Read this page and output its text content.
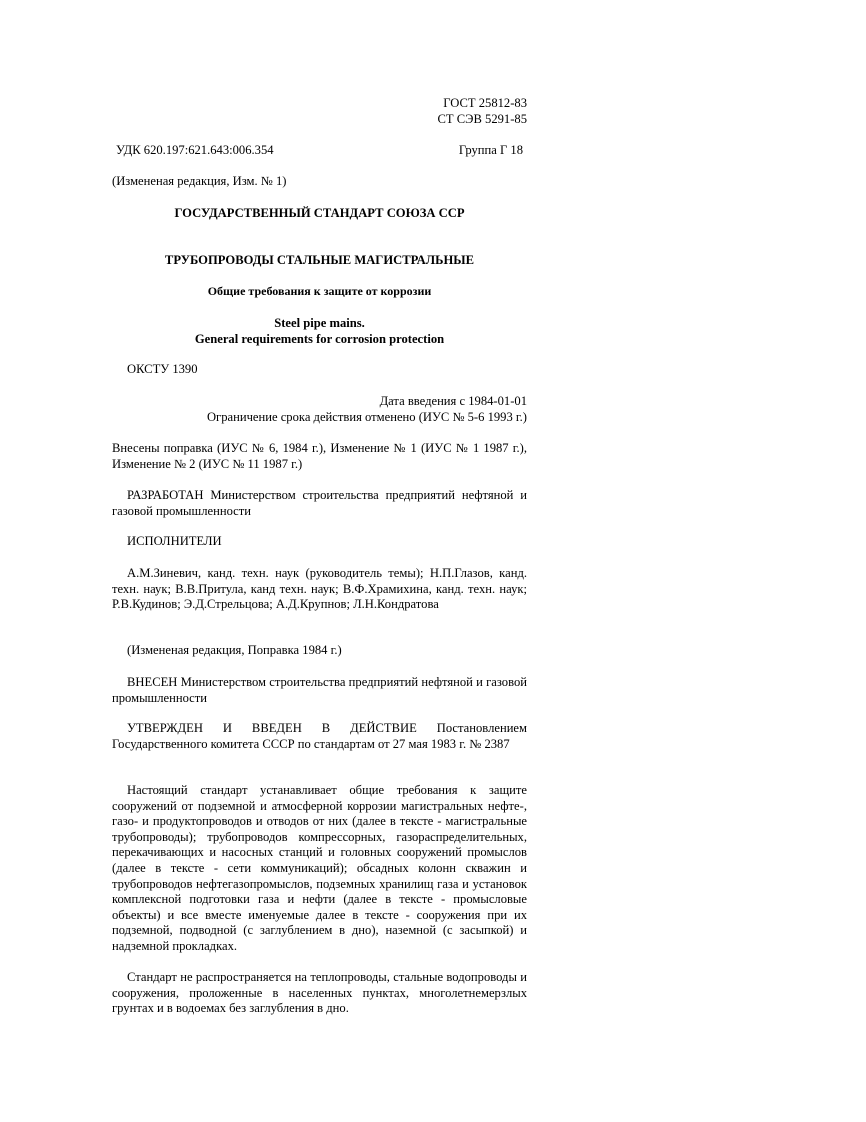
ГОСТ 25812-83

СТ СЭВ 5291-85

УДК 620.197:621.643:006.354	Группа Г 18

(Измененая редакция, Изм. № 1)

ГОСУДАРСТВЕННЫЙ СТАНДАРТ СОЮЗА ССР

ТРУБОПРОВОДЫ СТАЛЬНЫЕ МАГИСТРАЛЬНЫЕ

Общие требования к защите от коррозии

Steel pipe mains.

General requirements for corrosion protection

ОКСТУ 1390

Дата введения с 1984-01-01

Ограничение срока действия отменено (ИУС № 5-6 1993 г.)

Внесены поправка (ИУС № 6, 1984 г.), Изменение № 1 (ИУС № 1 1987 г.), Изменение № 2 (ИУС № 11 1987 г.)

РАЗРАБОТАН Министерством строительства предприятий нефтяной и газовой промышленности

ИСПОЛНИТЕЛИ

А.М.Зиневич, канд. техн. наук (руководитель темы); Н.П.Глазов, канд. техн. наук; В.В.Притула, канд техн. наук; В.Ф.Храмихина, канд. техн. наук; Р.В.Кудинов; Э.Д.Стрельцова; А.Д.Крупнов; Л.Н.Кондратова

(Измененая редакция, Поправка 1984 г.)

ВНЕСЕН Министерством строительства предприятий нефтяной и газовой промышленности

УТВЕРЖДЕН И ВВЕДЕН В ДЕЙСТВИЕ Постановлением Государственного комитета СССР по стандартам от 27 мая 1983 г. № 2387

Настоящий стандарт устанавливает общие требования к защите сооружений от подземной и атмосферной коррозии магистральных нефте-, газо- и продуктопроводов и отводов от них (далее в тексте - магистральные трубопроводы); трубопроводов компрессорных, газораспределительных, перекачивающих и насосных станций и головных сооружений промыслов (далее в тексте - сети коммуникаций); обсадных колонн скважин и трубопроводов нефтегазопромыслов, подземных хранилищ газа и установок комплексной подготовки газа и нефти (далее в тексте - промысловые объекты) и все вместе именуемые далее в тексте - сооружения при их подземной, подводной (с заглублением в дно), наземной (с засыпкой) и надземной прокладках.

Стандарт не распространяется на теплопроводы, стальные водопроводы и сооружения, проложенные в населенных пунктах, многолетнемерзлых грунтах и в водоемах без заглубления в дно.
